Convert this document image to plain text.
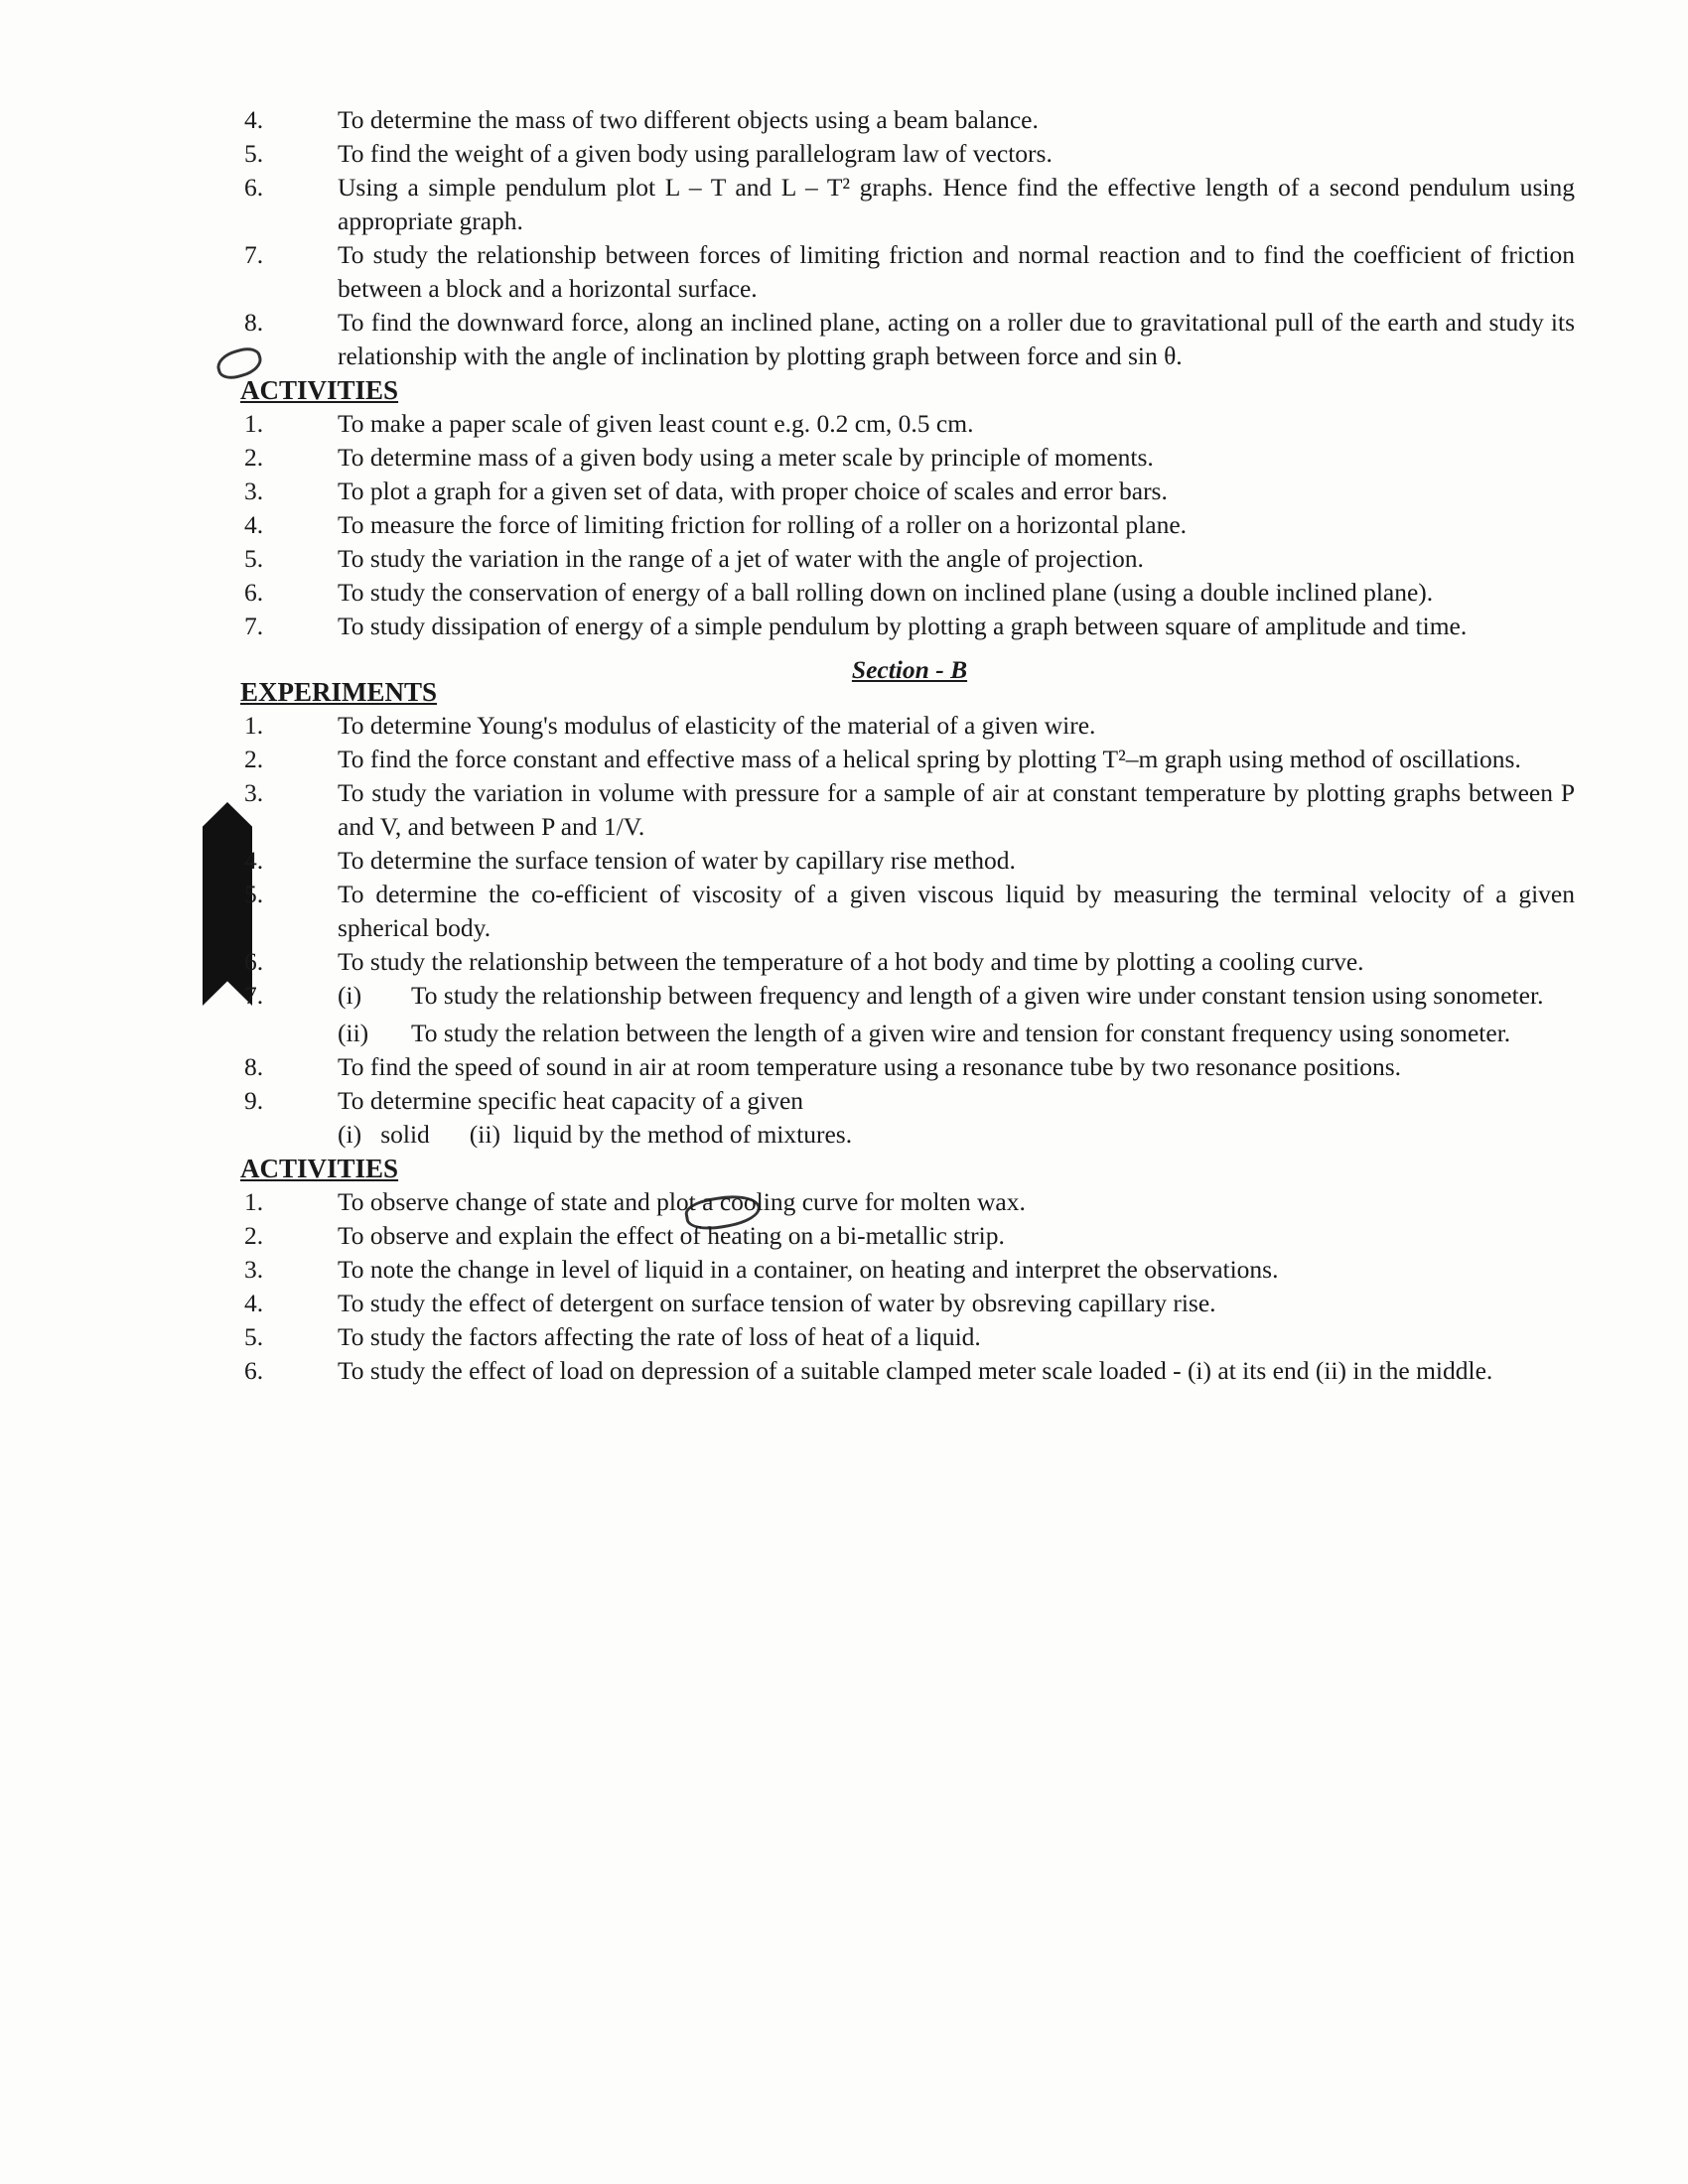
4.	To determine the mass of two different objects using a beam balance.
5.	To find the weight of a given body using parallelogram law of vectors.
6.	Using a simple pendulum plot L – T and L – T² graphs. Hence find the effective length of a second pendulum using appropriate graph.
7.	To study the relationship between forces of limiting friction and normal reaction and to find the coefficient of friction between a block and a horizontal surface.
8.	To find the downward force, along an inclined plane, acting on a roller due to gravitational pull of the earth and study its relationship with the angle of inclination by plotting graph between force and sin θ.
ACTIVITIES
1.	To make a paper scale of given least count e.g. 0.2 cm, 0.5 cm.
2.	To determine mass of a given body using a meter scale by principle of moments.
3.	To plot a graph for a given set of data, with proper choice of scales and error bars.
4.	To measure the force of limiting friction for rolling of a roller on a horizontal plane.
5.	To study the variation in the range of a jet of water with the angle of projection.
6.	To study the conservation of energy of a ball rolling down on inclined plane (using a double inclined plane).
7.	To study dissipation of energy of a simple pendulum by plotting a graph between square of amplitude and time.
Section - B
EXPERIMENTS
1.	To determine Young's modulus of elasticity of the material of a given wire.
2.	To find the force constant and effective mass of a helical spring by plotting T²–m graph using method of oscillations.
3.	To study the variation in volume with pressure for a sample of air at constant temperature by plotting graphs between P and V, and between P and 1/V.
4.	To determine the surface tension of water by capillary rise method.
5.	To determine the co-efficient of viscosity of a given viscous liquid by measuring the terminal velocity of a given spherical body.
6.	To study the relationship between the temperature of a hot body and time by plotting a cooling curve.
7.	(i)	To study the relationship between frequency and length of a given wire under constant tension using sonometer.
(ii)	To study the relation between the length of a given wire and tension for constant frequency using sonometer.
8.	To find the speed of sound in air at room temperature using a resonance tube by two resonance positions.
9.	To determine specific heat capacity of a given
(i)   solid (ii)  liquid by the method of mixtures.
ACTIVITIES
1.	To observe change of state and plot a cooling curve for molten wax.
2.	To observe and explain the effect of heating on a bi-metallic strip.
3.	To note the change in level of liquid in a container, on heating and interpret the observations.
4.	To study the effect of detergent on surface tension of water by obsreving capillary rise.
5.	To study the factors affecting the rate of loss of heat of a liquid.
6.	To study the effect of load on depression of a suitable clamped meter scale loaded - (i) at its end (ii) in the middle.
